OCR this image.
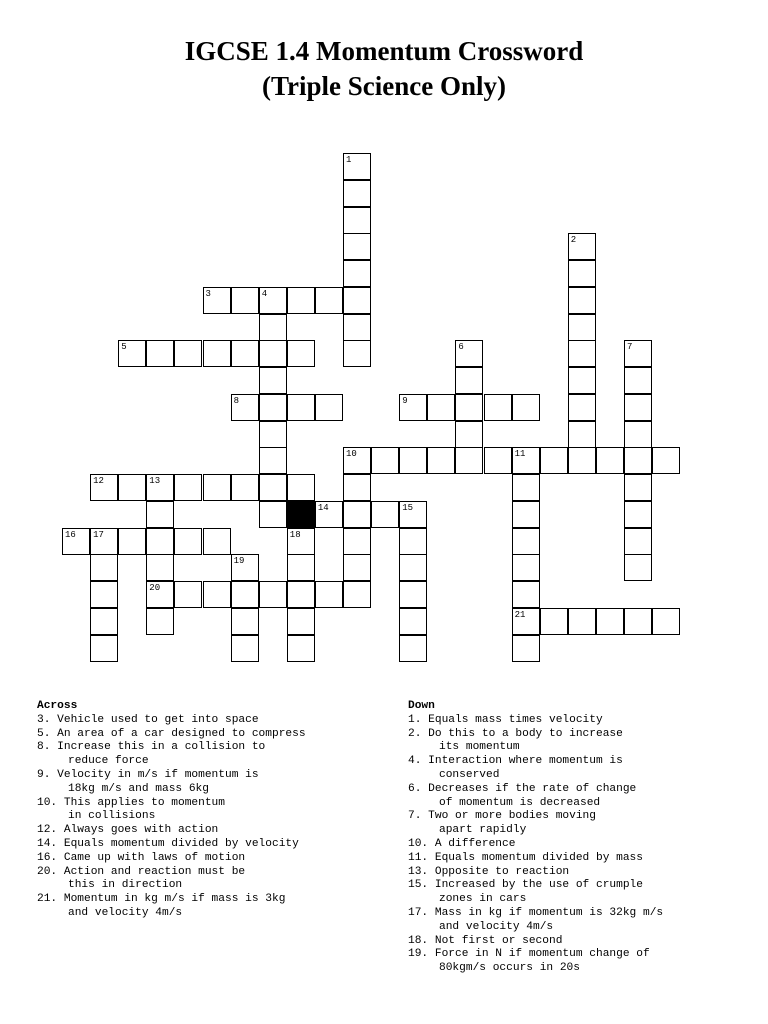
IGCSE 1.4 Momentum Crossword
(Triple Science Only)
1
2
4
6	7
10	11
21
13
20
15
17	18
19
3
5
8	9
12
14
16
Across
3. Vehicle used to get into space
5. An area of a car designed to compress
8. Increase this in a collision to
reduce force
9. Velocity in m/s if momentum is
18kg m/s and mass 6kg
10. This applies to momentum
in collisions
12. Always goes with action
14. Equals momentum divided by velocity
16. Came up with laws of motion
20. Action and reaction must be
this in direction
21. Momentum in kg m/s if mass is 3kg
and velocity 4m/s
Down
1. Equals mass times velocity
2. Do this to a body to increase
its momentum
4. Interaction where momentum is
conserved
6. Decreases if the rate of change
of momentum is decreased
7. Two or more bodies moving
apart rapidly
10. A difference
11. Equals momentum divided by mass
13. Opposite to reaction
15. Increased by the use of crumple
zones in cars
17. Mass in kg if momentum is 32kg m/s
and velocity 4m/s
18. Not first or second
19. Force in N if momentum change of
80kgm/s occurs in 20s
